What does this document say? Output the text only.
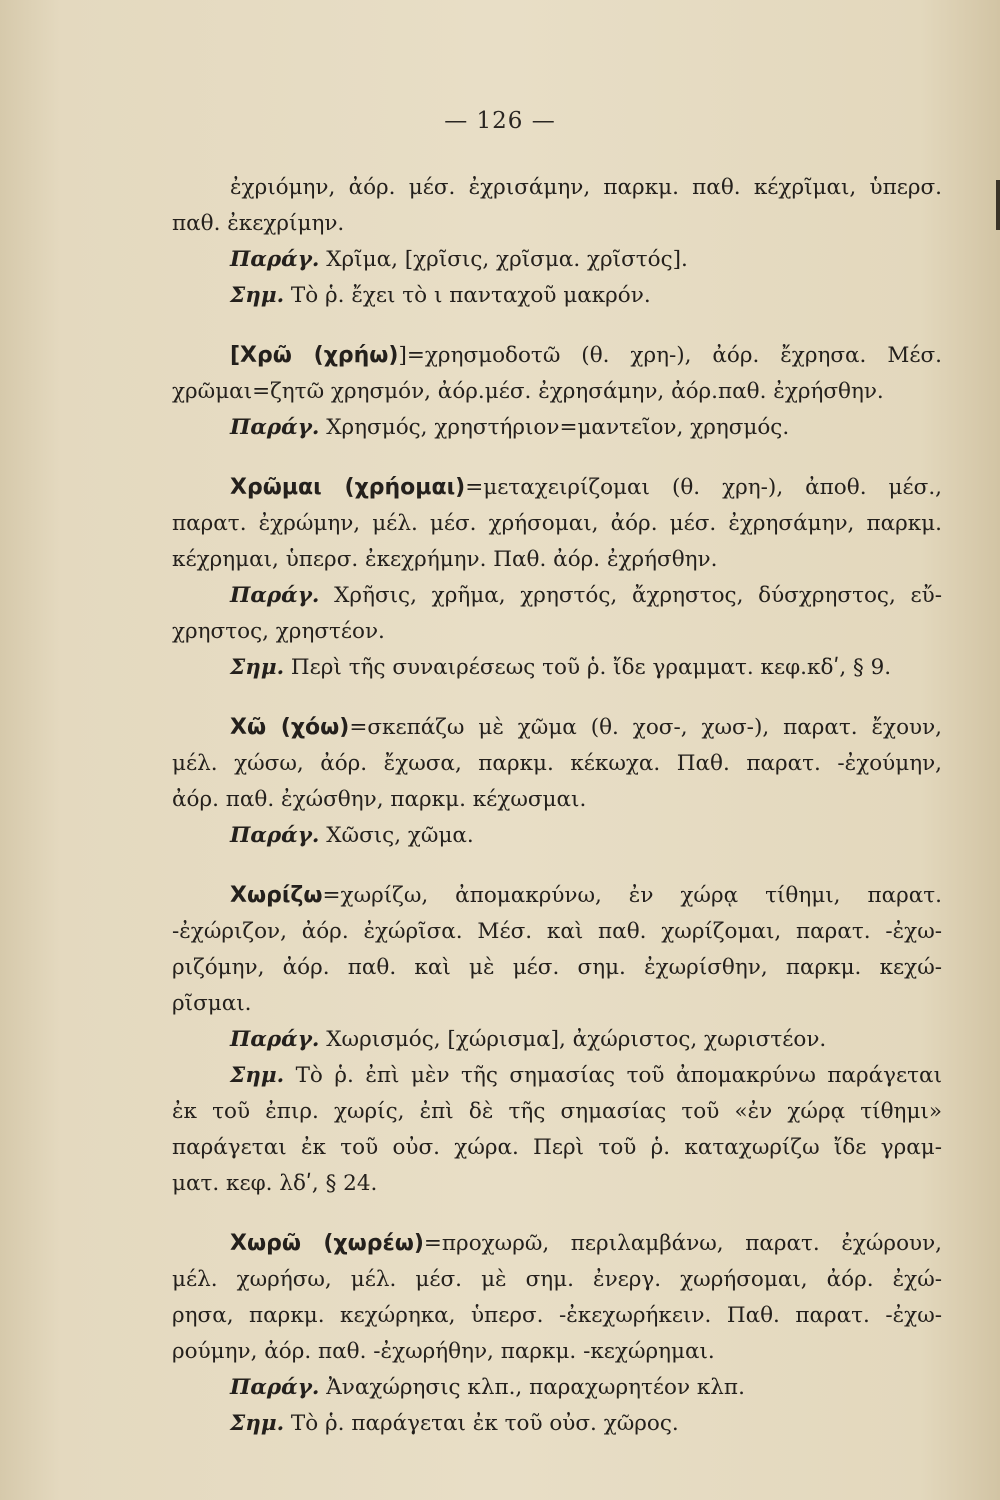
— 126 —
ἐχριόμην, ἀόρ. μέσ. ἐχρισάμην, παρκμ. παθ. κέχρῖμαι, ὑπερσ.
παθ. ἐκεχρίμην.
Παράγ. Χρῖμα, [χρῖσις, χρῖσμα. χρῖστός].
Σημ. Τὸ ῥ. ἔχει τὸ ι πανταχοῦ μακρόν.
[Χρῶ (χρήω)]=χρησμοδοτῶ (θ. χρη-), ἀόρ. ἔχρησα. Μέσ.
χρῶμαι=ζητῶ χρησμόν, ἀόρ.μέσ. ἐχρησάμην, ἀόρ.παθ. ἐχρήσθην.
Παράγ. Χρησμός, χρηστήριον=μαντεῖον, χρησμός.
Χρῶμαι (χρήομαι)=μεταχειρίζομαι (θ. χρη-), ἀποθ. μέσ.,
παρατ. ἐχρώμην, μέλ. μέσ. χρήσομαι, ἀόρ. μέσ. ἐχρησάμην, παρκμ.
κέχρημαι, ὑπερσ. ἐκεχρήμην. Παθ. ἀόρ. ἐχρήσθην.
Παράγ. Χρῆσις, χρῆμα, χρηστός, ἄχρηστος, δύσχρηστος, εὔ-
χρηστος, χρηστέον.
Σημ. Περὶ τῆς συναιρέσεως τοῦ ῥ. ἴδε γραμματ. κεφ.κδʹ, § 9.
Χῶ (χόω)=σκεπάζω μὲ χῶμα (θ. χοσ-, χωσ-), παρατ. ἔχουν,
μέλ. χώσω, ἀόρ. ἔχωσα, παρκμ. κέκωχα. Παθ. παρατ. -ἐχούμην,
ἀόρ. παθ. ἐχώσθην, παρκμ. κέχωσμαι.
Παράγ. Χῶσις, χῶμα.
Χωρίζω=χωρίζω, ἀπομακρύνω, ἐν χώρᾳ τίθημι, παρατ.
-ἐχώριζον, ἀόρ. ἐχώρῖσα. Μέσ. καὶ παθ. χωρίζομαι, παρατ. -ἐχω-
ριζόμην, ἀόρ. παθ. καὶ μὲ μέσ. σημ. ἐχωρίσθην, παρκμ. κεχώ-
ρῖσμαι.
Παράγ. Χωρισμός, [χώρισμα], ἀχώριστος, χωριστέον.
Σημ. Τὸ ῥ. ἐπὶ μὲν τῆς σημασίας τοῦ ἀπομακρύνω παράγεται
ἐκ τοῦ ἐπιρ. χωρίς, ἐπὶ δὲ τῆς σημασίας τοῦ «ἐν χώρᾳ τίθημι»
παράγεται ἐκ τοῦ οὐσ. χώρα. Περὶ τοῦ ῥ. καταχωρίζω ἴδε γραμ-
ματ. κεφ. λδʹ, § 24.
Χωρῶ (χωρέω)=προχωρῶ, περιλαμβάνω, παρατ. ἐχώρουν,
μέλ. χωρήσω, μέλ. μέσ. μὲ σημ. ἐνεργ. χωρήσομαι, ἀόρ. ἐχώ-
ρησα, παρκμ. κεχώρηκα, ὑπερσ. -ἐκεχωρήκειν. Παθ. παρατ. -ἐχω-
ρούμην, ἀόρ. παθ. -ἐχωρήθην, παρκμ. -κεχώρημαι.
Παράγ. Ἀναχώρησις κλπ., παραχωρητέον κλπ.
Σημ. Τὸ ῥ. παράγεται ἐκ τοῦ οὐσ. χῶρος.
